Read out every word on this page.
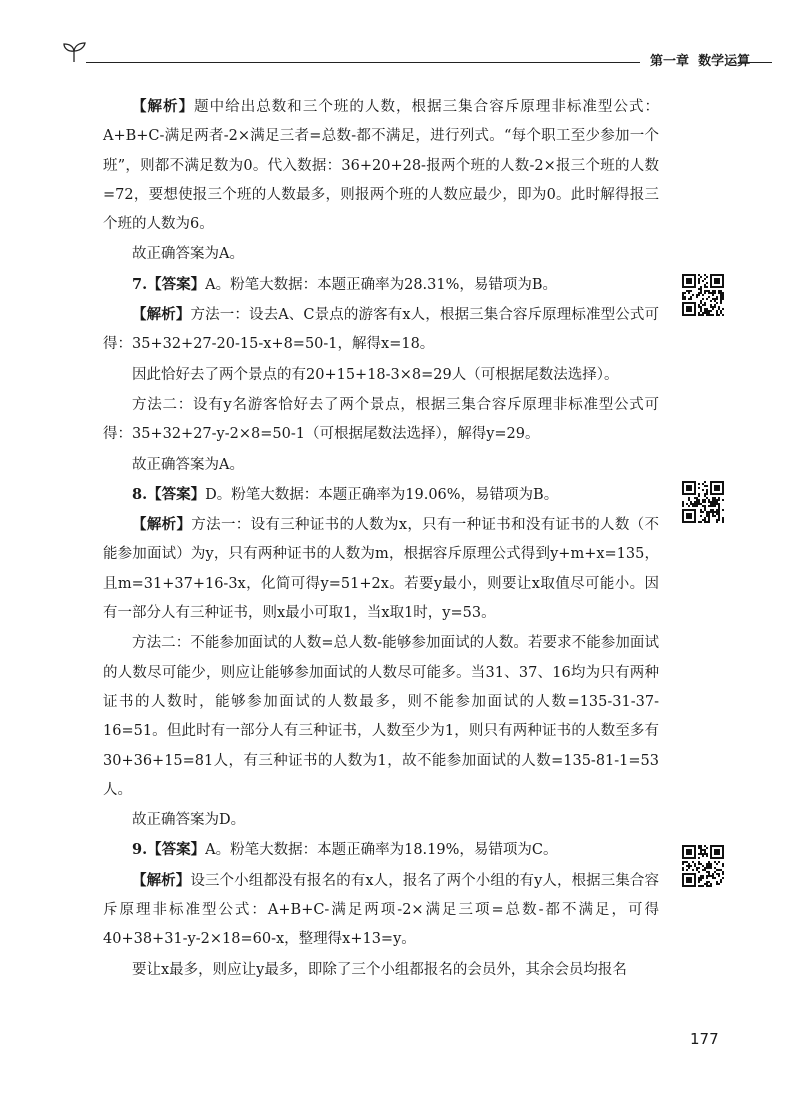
第一章 数学运算

【解析】题中给出总数和三个班的人数，根据三集合容斥原理非标准型公式：A+B+C-满足两者-2×满足三者=总数-都不满足，进行列式。“每个职工至少参加一个班”，则都不满足数为0。代入数据：36+20+28-报两个班的人数-2×报三个班的人数=72，要想使报三个班的人数最多，则报两个班的人数应最少，即为0。此时解得报三个班的人数为6。

故正确答案为A。

7.【答案】A。粉笔大数据：本题正确率为28.31%，易错项为B。

【解析】方法一：设去A、C景点的游客有x人，根据三集合容斥原理标准型公式可得：35+32+27-20-15-x+8=50-1，解得x=18。

因此恰好去了两个景点的有20+15+18-3×8=29人（可根据尾数法选择）。

方法二：设有y名游客恰好去了两个景点，根据三集合容斥原理非标准型公式可得：35+32+27-y-2×8=50-1（可根据尾数法选择），解得y=29。

故正确答案为A。

8.【答案】D。粉笔大数据：本题正确率为19.06%，易错项为B。

【解析】方法一：设有三种证书的人数为x，只有一种证书和没有证书的人数（不能参加面试）为y，只有两种证书的人数为m，根据容斥原理公式得到y+m+x=135，且m=31+37+16-3x，化简可得y=51+2x。若要y最小，则要让x取值尽可能小。因有一部分人有三种证书，则x最小可取1，当x取1时，y=53。

方法二：不能参加面试的人数=总人数-能够参加面试的人数。若要求不能参加面试的人数尽可能少，则应让能够参加面试的人数尽可能多。当31、37、16均为只有两种证书的人数时，能够参加面试的人数最多，则不能参加面试的人数=135-31-37-16=51。但此时有一部分人有三种证书，人数至少为1，则只有两种证书的人数至多有30+36+15=81人，有三种证书的人数为1，故不能参加面试的人数=135-81-1=53人。

故正确答案为D。

9.【答案】A。粉笔大数据：本题正确率为18.19%，易错项为C。

【解析】设三个小组都没有报名的有x人，报名了两个小组的有y人，根据三集合容斥原理非标准型公式：A+B+C-满足两项-2×满足三项=总数-都不满足，可得40+38+31-y-2×18=60-x，整理得x+13=y。

要让x最多，则应让y最多，即除了三个小组都报名的会员外，其余会员均报名

177
